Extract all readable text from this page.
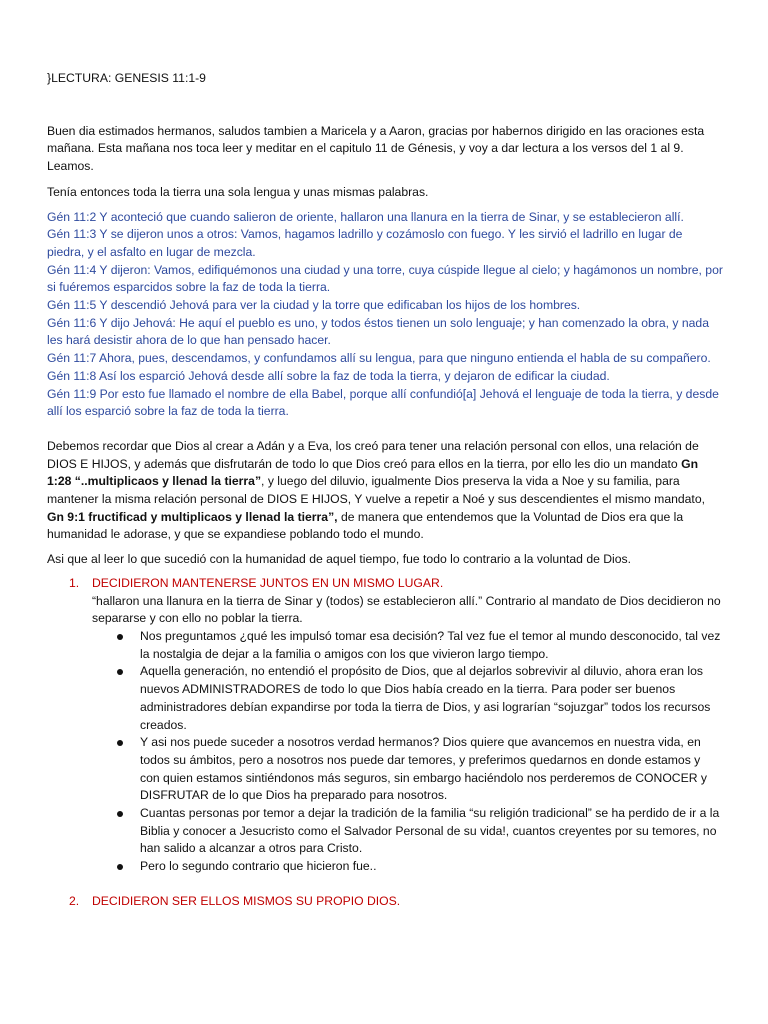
}LECTURA: GENESIS 11:1-9

Buen dia estimados hermanos, saludos tambien a Maricela y a Aaron, gracias por habernos dirigido en las oraciones esta mañana. Esta mañana nos toca leer y meditar en el capitulo 11 de Génesis, y voy a dar lectura a los versos del 1 al 9. Leamos.

Tenía entonces toda la tierra una sola lengua y unas mismas palabras.

Gén 11:2 Y aconteció que cuando salieron de oriente, hallaron una llanura en la tierra de Sinar, y se establecieron allí.

Gén 11:3 Y se dijeron unos a otros: Vamos, hagamos ladrillo y cozámoslo con fuego. Y les sirvió el ladrillo en lugar de piedra, y el asfalto en lugar de mezcla.

Gén 11:4 Y dijeron: Vamos, edifiquémonos una ciudad y una torre, cuya cúspide llegue al cielo; y hagámonos un nombre, por si fuéremos esparcidos sobre la faz de toda la tierra.

Gén 11:5 Y descendió Jehová para ver la ciudad y la torre que edificaban los hijos de los hombres.

Gén 11:6 Y dijo Jehová: He aquí el pueblo es uno, y todos éstos tienen un solo lenguaje; y han comenzado la obra, y nada les hará desistir ahora de lo que han pensado hacer.

Gén 11:7 Ahora, pues, descendamos, y confundamos allí su lengua, para que ninguno entienda el habla de su compañero.

Gén 11:8 Así los esparció Jehová desde allí sobre la faz de toda la tierra, y dejaron de edificar la ciudad.

Gén 11:9 Por esto fue llamado el nombre de ella Babel, porque allí confundió[a] Jehová el lenguaje de toda la tierra, y desde allí los esparció sobre la faz de toda la tierra.

Debemos recordar que Dios al crear a Adán y a Eva, los creó para tener una relación personal con ellos, una relación de DIOS E HIJOS, y además que disfrutarán de todo lo que Dios creó para ellos en la tierra, por ello les dio un mandato Gn 1:28 “..multiplicaos y llenad la tierra”, y luego del diluvio, igualmente Dios preserva la vida a Noe y su familia, para mantener la misma relación personal de DIOS E HIJOS, Y vuelve a repetir a Noé y sus descendientes el mismo mandato, Gn 9:1 fructificad y multiplicaos y llenad la tierra”, de manera que entendemos que la Voluntad de Dios era que la humanidad le adorase, y que se expandiese poblando todo el mundo.

Asi que al leer lo que sucedió con la humanidad de aquel tiempo, fue todo lo contrario a la voluntad de Dios.

1. DECIDIERON MANTENERSE JUNTOS EN UN MISMO LUGAR.

“hallaron una llanura en la tierra de Sinar y (todos) se establecieron allí.” Contrario al mandato de Dios decidieron no separarse y con ello no poblar la tierra.

Nos preguntamos ¿qué les impulsó tomar esa decisión? Tal vez fue el temor al mundo desconocido, tal vez la nostalgia de dejar a la familia o amigos con los que vivieron largo tiempo.
Aquella generación, no entendió el propósito de Dios, que al dejarlos sobrevivir al diluvio, ahora eran los nuevos ADMINISTRADORES de todo lo que Dios había creado en la tierra. Para poder ser buenos administradores debían expandirse por toda la tierra de Dios, y asi lograrían “sojuzgar” todos los recursos creados.
Y asi nos puede suceder a nosotros verdad hermanos? Dios quiere que avancemos en nuestra vida, en todos su ámbitos, pero a nosotros nos puede dar temores, y preferimos quedarnos en donde estamos y con quien estamos sintiéndonos más seguros, sin embargo haciéndolo nos perderemos de CONOCER y DISFRUTAR de lo que Dios ha preparado para nosotros.
Cuantas personas por temor a dejar la tradición de la familia “su religión tradicional” se ha perdido de ir a la Biblia y conocer a Jesucristo como el Salvador Personal de su vida!, cuantos creyentes por su temores, no han salido a alcanzar a otros para Cristo.
Pero lo segundo contrario que hicieron fue..
2. DECIDIERON SER ELLOS MISMOS SU PROPIO DIOS.
